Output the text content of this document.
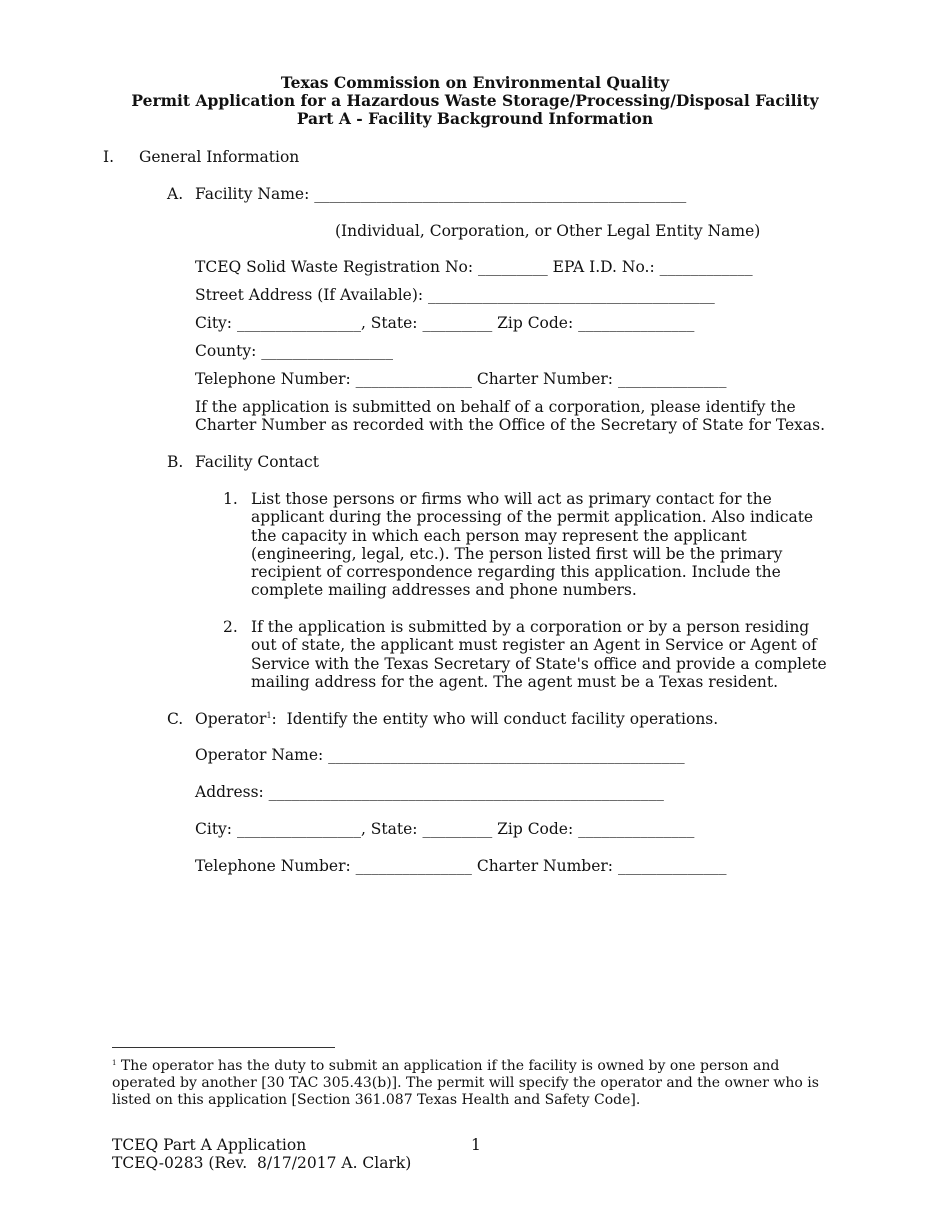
Texas Commission on Environmental Quality
Permit Application for a Hazardous Waste Storage/Processing/Disposal Facility
Part A - Facility Background Information
I. General Information
A. Facility Name: ________________________________________________
(Individual, Corporation, or Other Legal Entity Name)
TCEQ Solid Waste Registration No: _________ EPA I.D. No.: ____________
Street Address (If Available): _____________________________________
City: ________________, State: _________ Zip Code: _______________
County: _________________
Telephone Number: _______________ Charter Number: ______________
If the application is submitted on behalf of a corporation, please identify the Charter Number as recorded with the Office of the Secretary of State for Texas.
B. Facility Contact
1. List those persons or firms who will act as primary contact for the applicant during the processing of the permit application. Also indicate the capacity in which each person may represent the applicant (engineering, legal, etc.). The person listed first will be the primary recipient of correspondence regarding this application. Include the complete mailing addresses and phone numbers.
2. If the application is submitted by a corporation or by a person residing out of state, the applicant must register an Agent in Service or Agent of Service with the Texas Secretary of State's office and provide a complete mailing address for the agent. The agent must be a Texas resident.
C. Operator$^1$:  Identify the entity who will conduct facility operations.
Operator Name: ______________________________________________
Address: ___________________________________________________
City: ________________, State: _________ Zip Code: _______________
Telephone Number: _______________ Charter Number: ______________
$^1$ The operator has the duty to submit an application if the facility is owned by one person and operated by another [30 TAC 305.43(b)]. The permit will specify the operator and the owner who is listed on this application [Section 361.087 Texas Health and Safety Code].
TCEQ Part A Application	1
TCEQ-0283 (Rev.  8/17/2017 A. Clark)
